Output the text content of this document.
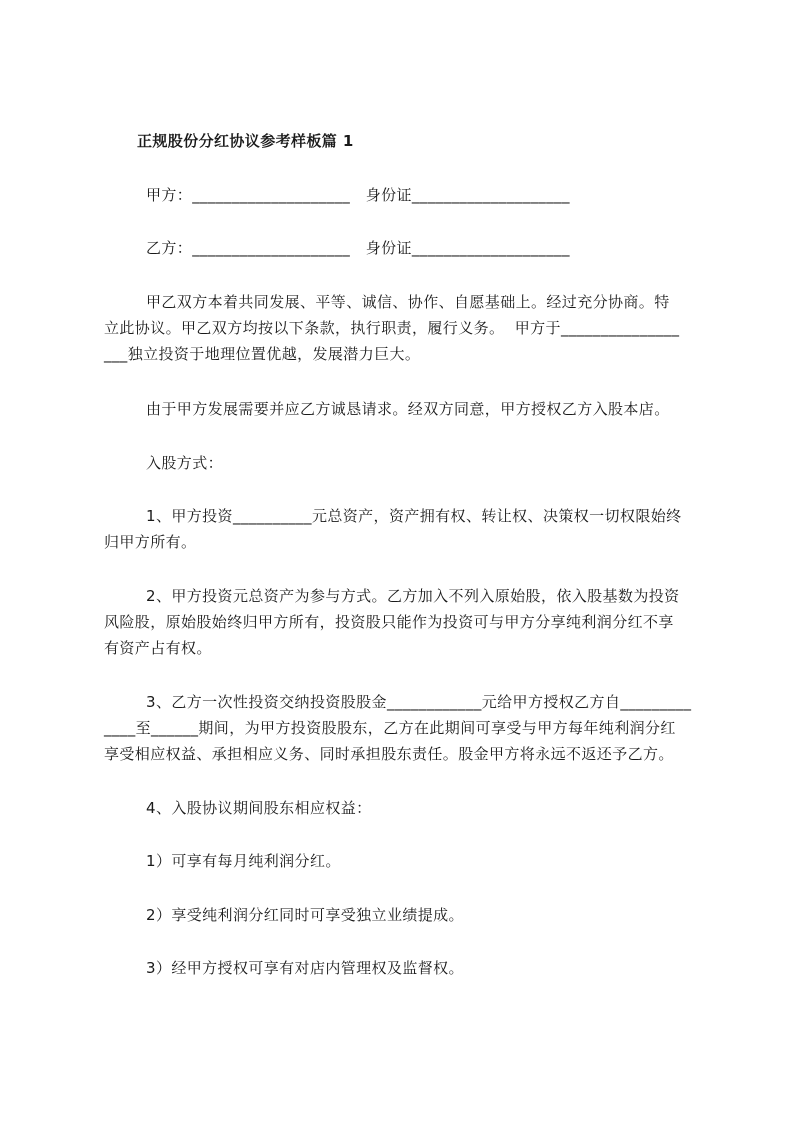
正规股份分红协议参考样板篇 1
甲方：____________________   身份证____________________
乙方：____________________   身份证____________________
甲乙双方本着共同发展、平等、诚信、协作、自愿基础上。经过充分协商。特
立此协议。甲乙双方均按以下条款，执行职责，履行义务。  甲方于_______________
___独立投资于地理位置优越，发展潜力巨大。
由于甲方发展需要并应乙方诚恳请求。经双方同意，甲方授权乙方入股本店。
入股方式：
1、甲方投资__________元总资产，资产拥有权、转让权、决策权一切权限始终
归甲方所有。
2、甲方投资元总资产为参与方式。乙方加入不列入原始股，依入股基数为投资
风险股，原始股始终归甲方所有，投资股只能作为投资可与甲方分享纯利润分红不享
有资产占有权。
3、乙方一次性投资交纳投资股股金____________元给甲方授权乙方自_________
____至______期间，为甲方投资股股东，乙方在此期间可享受与甲方每年纯利润分红
享受相应权益、承担相应义务、同时承担股东责任。股金甲方将永远不返还予乙方。
4、入股协议期间股东相应权益：
1）可享有每月纯利润分红。
2）享受纯利润分红同时可享受独立业绩提成。
3）经甲方授权可享有对店内管理权及监督权。
